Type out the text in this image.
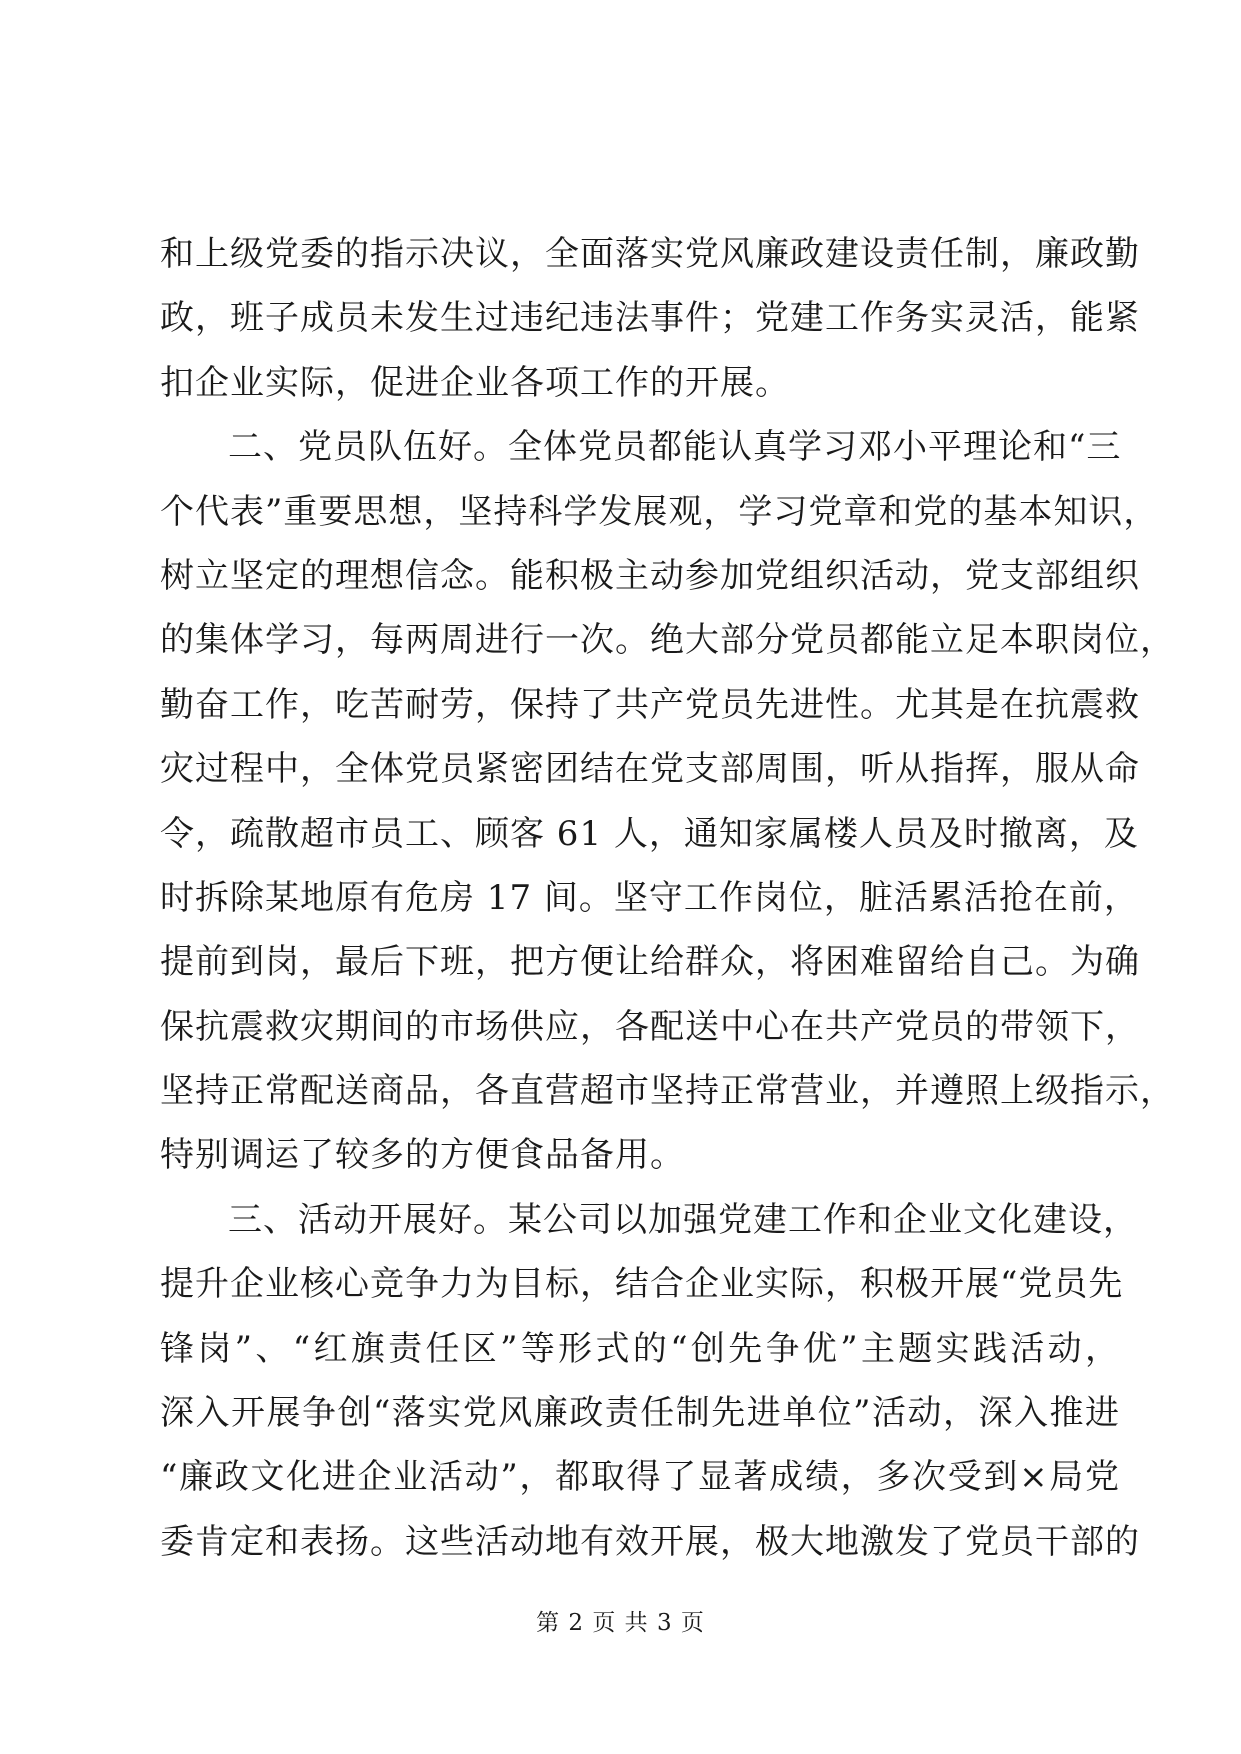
和上级党委的指示决议，全面落实党风廉政建设责任制，廉政勤
政，班子成员未发生过违纪违法事件；党建工作务实灵活，能紧
扣企业实际，促进企业各项工作的开展。
二、党员队伍好。全体党员都能认真学习邓小平理论和“三
个代表”重要思想，坚持科学发展观，学习党章和党的基本知识，
树立坚定的理想信念。能积极主动参加党组织活动，党支部组织
的集体学习，每两周进行一次。绝大部分党员都能立足本职岗位，
勤奋工作，吃苦耐劳，保持了共产党员先进性。尤其是在抗震救
灾过程中，全体党员紧密团结在党支部周围，听从指挥，服从命
令，疏散超市员工、顾客 61 人，通知家属楼人员及时撤离，及
时拆除某地原有危房 17 间。坚守工作岗位，脏活累活抢在前，
提前到岗，最后下班，把方便让给群众，将困难留给自己。为确
保抗震救灾期间的市场供应，各配送中心在共产党员的带领下，
坚持正常配送商品，各直营超市坚持正常营业，并遵照上级指示，
特别调运了较多的方便食品备用。
三、活动开展好。某公司以加强党建工作和企业文化建设，
提升企业核心竞争力为目标，结合企业实际，积极开展“党员先
锋岗”、“红旗责任区”等形式的“创先争优”主题实践活动，
深入开展争创“落实党风廉政责任制先进单位”活动，深入推进
“廉政文化进企业活动”，都取得了显著成绩，多次受到×局党
委肯定和表扬。这些活动地有效开展，极大地激发了党员干部的
第 2 页 共 3 页
